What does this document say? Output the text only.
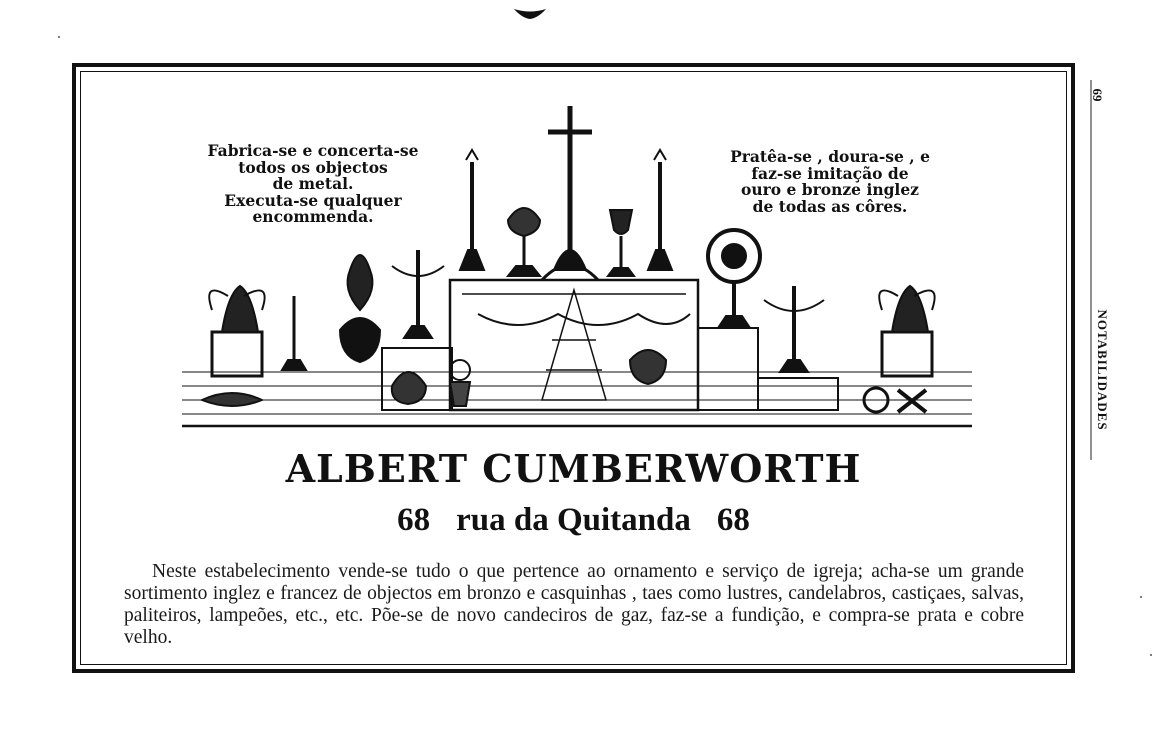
69
NOTABILIDADES
Fabrica-se e concerta-se
todos os objectos
de metal.
Executa-se qualquer
encommenda.
Pratêa-se , doura-se , e
faz-se imitação de
ouro e bronze inglez
de todas as côres.
ALBERT CUMBERWORTH
68 rua da Quitanda 68
Neste estabelecimento vende-se tudo o que pertence ao ornamento e serviço de igreja; acha-se um grande sortimento inglez e francez de objectos em bronzo e casquinhas , taes como lustres, candelabros, castiçaes, salvas, paliteiros, lampeões, etc., etc. Põe-se de novo candeciros de gaz, faz-se a fundição, e compra-se prata e cobre velho.
